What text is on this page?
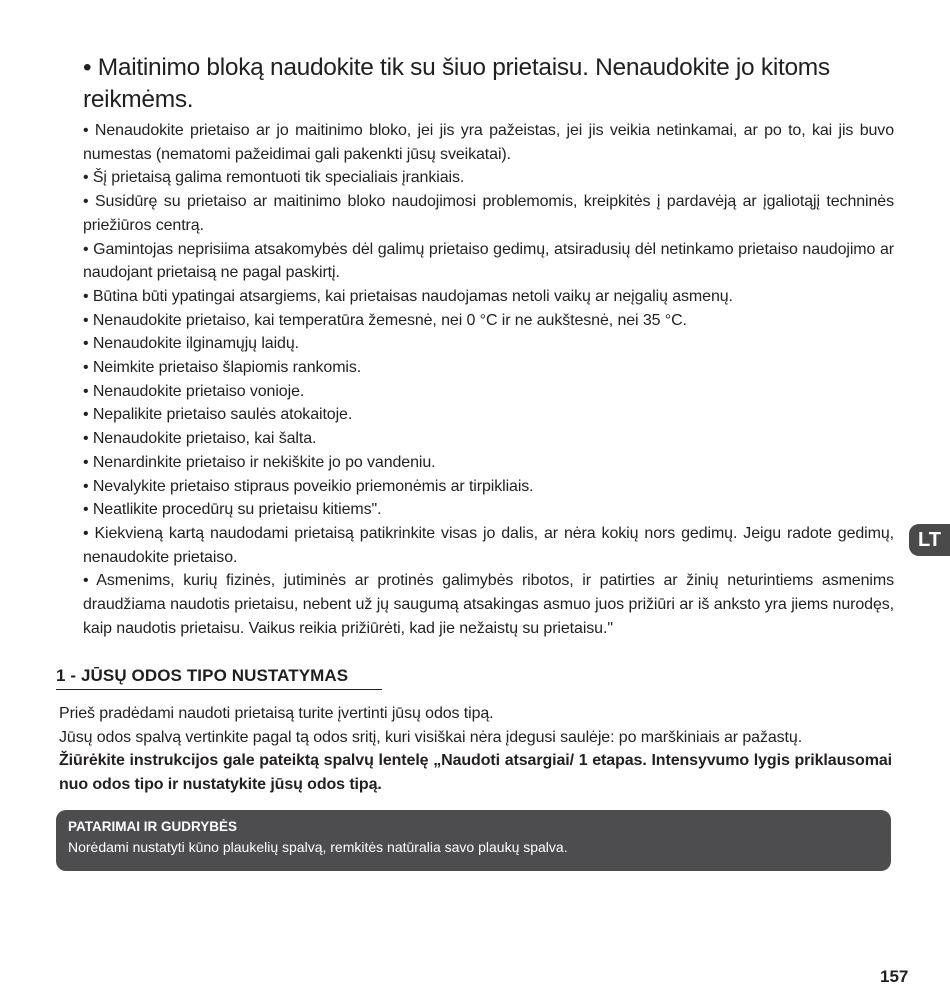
• Maitinimo bloką naudokite tik su šiuo prietaisu. Nenaudokite jo kitoms reikmėms.

• Nenaudokite prietaiso ar jo maitinimo bloko, jei jis yra pažeistas, jei jis veikia netinkamai, ar po to, kai jis buvo numestas (nematomi pažeidimai gali pakenkti jūsų sveikatai).

• Šį prietaisą galima remontuoti tik specialiais įrankiais.

• Susidūrę su prietaiso ar maitinimo bloko naudojimosi problemomis, kreipkitės į pardavėją ar įgaliotąjį techninės priežiūros centrą.

• Gamintojas neprisiima atsakomybės dėl galimų prietaiso gedimų, atsiradusių dėl netinkamo prietaiso naudojimo ar naudojant prietaisą ne pagal paskirtį.

• Būtina būti ypatingai atsargiems, kai prietaisas naudojamas netoli vaikų ar neįgalių asmenų.

• Nenaudokite prietaiso, kai temperatūra žemesnė, nei 0 °C ir ne aukštesnė, nei 35 °C.

• Nenaudokite ilginamųjų laidų.

• Neimkite prietaiso šlapiomis rankomis.

• Nenaudokite prietaiso vonioje.

• Nepalikite prietaiso saulės atokaitoje.

• Nenaudokite prietaiso, kai šalta.

• Nenardinkite prietaiso ir nekiškite jo po vandeniu.

• Nevalykite prietaiso stipraus poveikio priemonėmis ar tirpikliais.

• Neatlikite procedūrų su prietaisu kitiems".

• Kiekvieną kartą naudodami prietaisą patikrinkite visas jo dalis, ar nėra kokių nors gedimų. Jeigu radote gedimų, nenaudokite prietaiso.

• Asmenims, kurių fizinės, jutiminės ar protinės galimybės ribotos, ir patirties ar žinių neturintiems asmenims draudžiama naudotis prietaisu, nebent už jų saugumą atsakingas asmuo juos prižiūri ar iš anksto yra jiems nurodęs, kaip naudotis prietaisu. Vaikus reikia prižiūrėti, kad jie nežaistų su prietaisu."

LT
1 - JŪSŲ ODOS TIPO NUSTATYMAS

Prieš pradėdami naudoti prietaisą turite įvertinti jūsų odos tipą.

Jūsų odos spalvą vertinkite pagal tą odos sritį, kuri visiškai nėra įdegusi saulėje: po marškiniais ar pažastų.

Žiūrėkite instrukcijos gale pateiktą spalvų lentelę „Naudoti atsargiai/ 1 etapas. Intensyvumo lygis priklausomai nuo odos tipo ir nustatykite jūsų odos tipą.

PATARIMAI IR GUDRYBĖS
Norėdami nustatyti kūno plaukelių spalvą, remkitės natūralia savo plaukų spalva.
157
